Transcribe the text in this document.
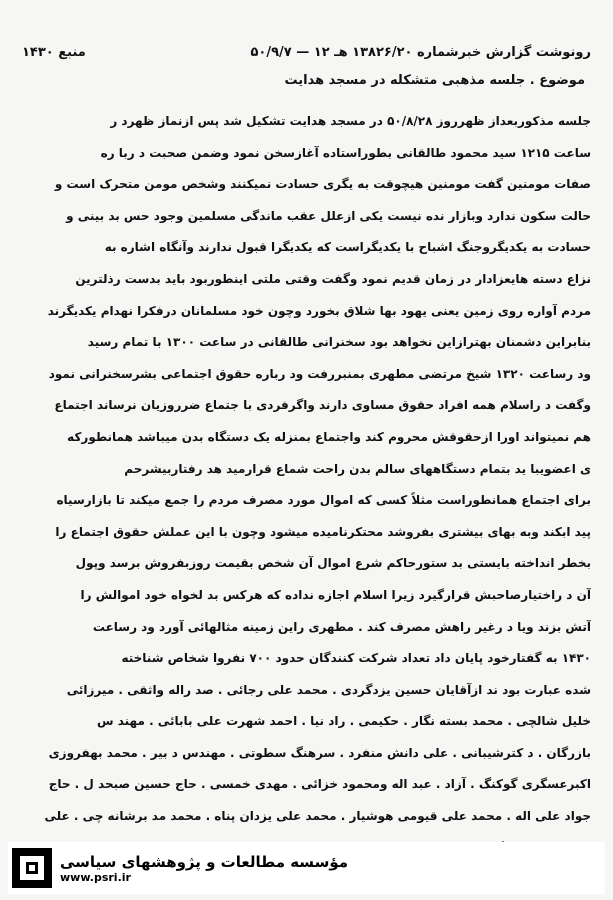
رونوشت گزارش خبرشماره ۱۳۸۲۶/۲۰ هـ ۱۲ — ۵۰/۹/۷
منبع ۱۴۳۰
موضوع . جلسه مذهبی متشکله در مسجد هدایت
جلسه مذکوربعداز ظهرروز ۵۰/۸/۲۸ در مسجد هدایت تشکیل شد پس ازنماز ظهرد ر
ساعت ۱۲۱۵ سید محمود طالقانی بطوراستاده آغازسخن نمود وضمن صحبت د ربا ره
صفات مومنین گفت مومنین هیچوقت به یگری حسادت نمیکنند وشخص مومن متحرک است و
حالت سکون ندارد وبازار نده نیست یکی ازعلل عقب ماندگی مسلمین وجود حس بد بینی و
حسادت به یکدیگروجنگ اشباح با یکدیگراست که یکدیگرا قبول ندارند وآنگاه اشاره به
نزاع دسته هایعزادار در زمان قدیم نمود وگفت وقتی ملتی اینطوربود باید بدست رذلترین
مردم آواره روی زمین یعنی یهود بها شلاق بخورد وچون خود مسلمانان درفکرا نهدام یکدیگرند
بنابراین دشمنان بهترازاین نخواهد بود سخنرانی طالقانی در ساعت ۱۳۰۰ با تمام رسید
ود رساعت ۱۳۲۰ شیخ مرتضی مطهری بمنبررفت ود رباره حقوق اجتماعی بشرسخنرانی نمود
وگفت د راسلام همه افراد حقوق مساوی دارند واگرفردی با جتماع ضرروزیان نرساند اجتماع
هم نمیتواند اورا ازحقوقش محروم کند واجتماع بمنزله یک دستگاه بدن میباشد همانطورکه
ی اعضویبا ید بتمام دستگاههای سالم بدن راحت شماع قرارمید هد رفتاربیشرحم
برای اجتماع همانطوراست مثلاً کسی که اموال مورد مصرف مردم را جمع میکند تا بازارسیاه
پید ابکند وبه بهای بیشتری بفروشد محتکرنامیده میشود وچون با این عملش حقوق اجتماع را
بخطر انداخته بایستی بد ستورحاکم شرع اموال آن شخص بقیمت روزبفروش برسد وپول
آن د راختیارصاحبش قرارگیرد زیرا اسلام اجازه نداده که هرکس بد لخواه خود اموالش را
آتش بزند ویا د رغیر راهش مصرف کند . مطهری راین زمینه مثالهائی آورد ود رساعت
۱۴۳۰ به گفتارخود پایان داد تعداد شرکت کنندگان حدود ۷۰۰ نفروا شخاص شناخته
شده عبارت بود ند ازآقایان حسین یزدگردی . محمد علی رجائی . صد راله واثقی . میرزائی
خلیل شالچی . محمد بسته نگار . حکیمی . راد نیا . احمد شهرت علی بابائی . مهند س
بازرگان . د کترشیبانی . علی دانش منفرد . سرهنگ سطوتی . مهندس د بیر . محمد بهفروزی
اکبرعسگری گوکنگ . آزاد . عبد اله ومحمود خزائی . مهدی خمسی . حاج حسین صبحد ل . حاج
جواد علی اله . محمد علی قیومی هوشیار . محمد علی یزدان پناه . محمد مد برشانه چی . علی
مؤسسه مطالعات و پژوهشهای سیاسی
www.psri.ir
